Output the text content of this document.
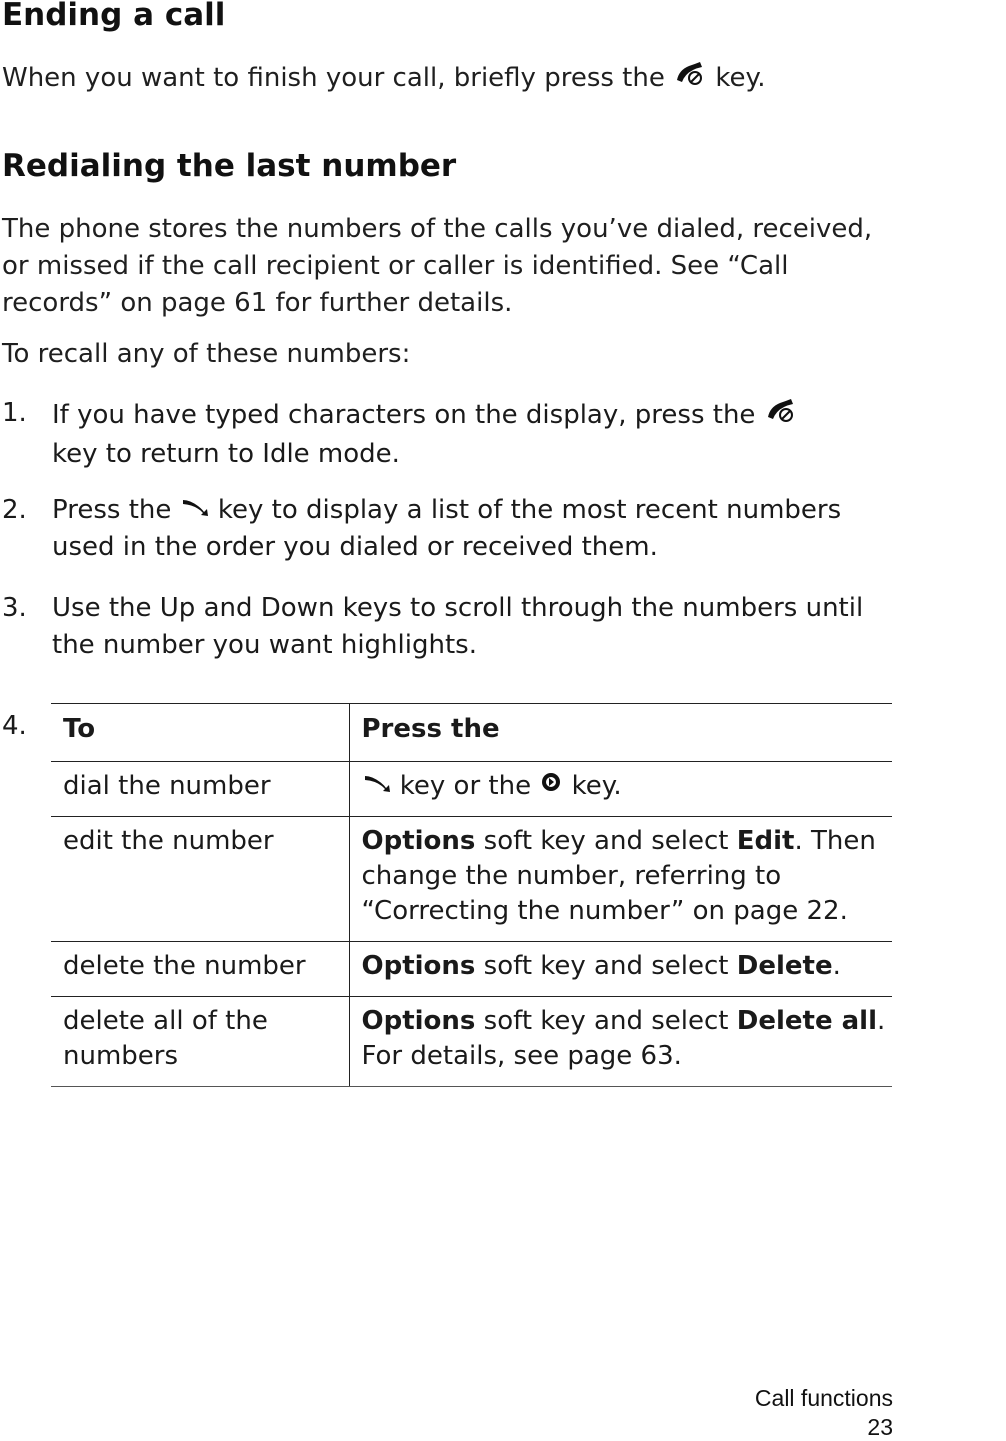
Ending a call

When you want to finish your call, briefly press the  key.

Redialing the last number

The phone stores the numbers of the calls you’ve dialed, received, or missed if the call recipient or caller is identified. See “Call records” on page 61 for further details.

To recall any of these numbers:

1. If you have typed characters on the display, press the
key to return to Idle mode.
2. Press the  key to display a list of the most recent numbers used in the order you dialed or received them.
3. Use the Up and Down keys to scroll through the numbers until the number you want highlights.
4. To	Press the
dial the number	key or the  key.
edit the number	Options soft key and select Edit. Then change the number, referring to “Correcting the number” on page 22.
delete the number	Options soft key and select Delete.
delete all of the numbers	Options soft key and select Delete all. For details, see page 63.
Call functions
23
